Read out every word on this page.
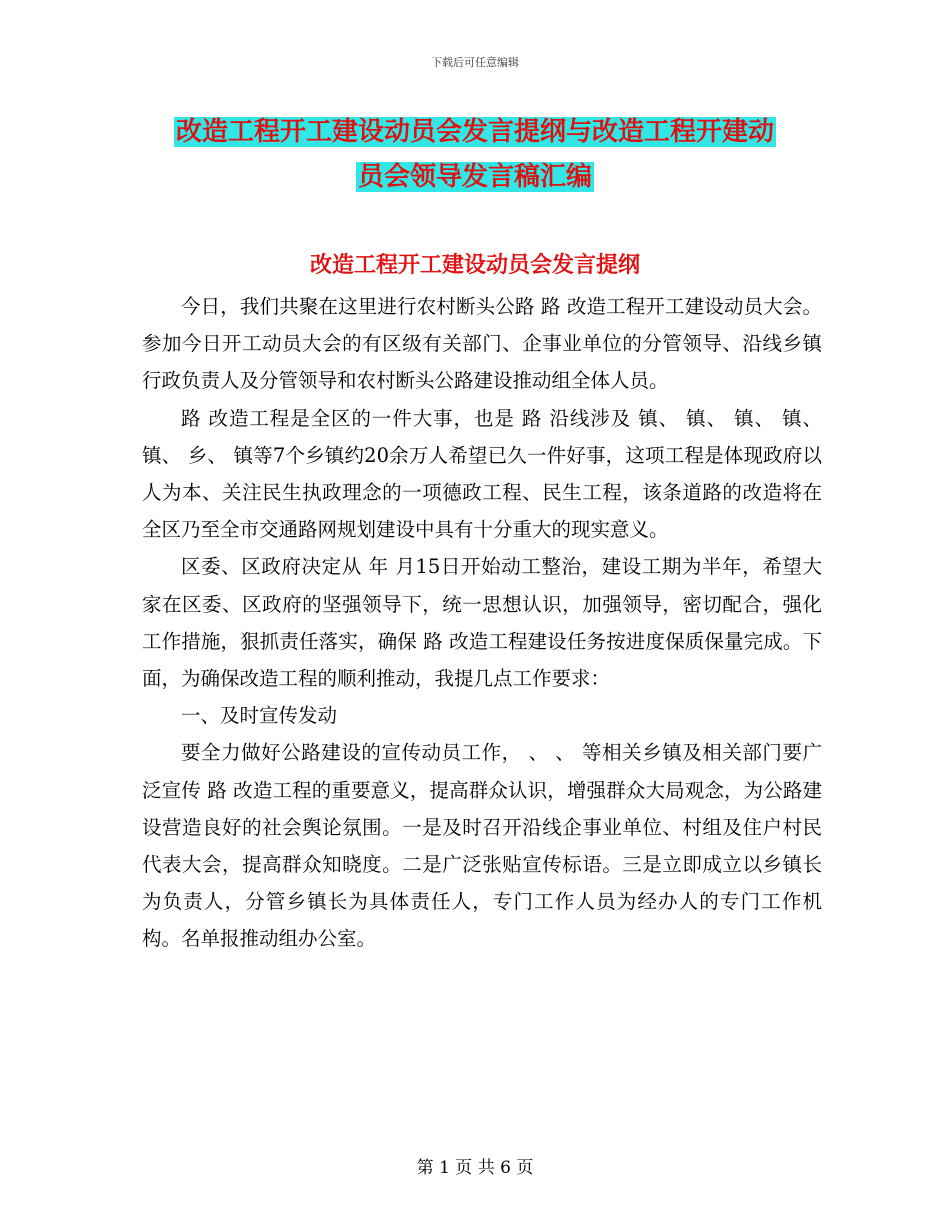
下载后可任意编辑
改造工程开工建设动员会发言提纲与改造工程开建动
员会领导发言稿汇编
改造工程开工建设动员会发言提纲

今日，我们共聚在这里进行农村断头公路 路 改造工程开工建设动员大会。参加今日开工动员大会的有区级有关部门、企事业单位的分管领导、沿线乡镇行政负责人及分管领导和农村断头公路建设推动组全体人员。

路 改造工程是全区的一件大事，也是 路 沿线涉及 镇、 镇、 镇、 镇、 镇、 乡、 镇等7个乡镇约20余万人希望已久一件好事，这项工程是体现政府以人为本、关注民生执政理念的一项德政工程、民生工程，该条道路的改造将在全区乃至全市交通路网规划建设中具有十分重大的现实意义。

区委、区政府决定从 年 月15日开始动工整治，建设工期为半年，希望大家在区委、区政府的坚强领导下，统一思想认识，加强领导，密切配合，强化工作措施，狠抓责任落实，确保 路 改造工程建设任务按进度保质保量完成。下面，为确保改造工程的顺利推动，我提几点工作要求：

一、及时宣传发动

要全力做好公路建设的宣传动员工作， 、 、 等相关乡镇及相关部门要广泛宣传 路 改造工程的重要意义，提高群众认识，增强群众大局观念，为公路建设营造良好的社会舆论氛围。一是及时召开沿线企事业单位、村组及住户村民代表大会，提高群众知晓度。二是广泛张贴宣传标语。三是立即成立以乡镇长为负责人，分管乡镇长为具体责任人，专门工作人员为经办人的专门工作机构。名单报推动组办公室。

第 1 页 共 6 页
